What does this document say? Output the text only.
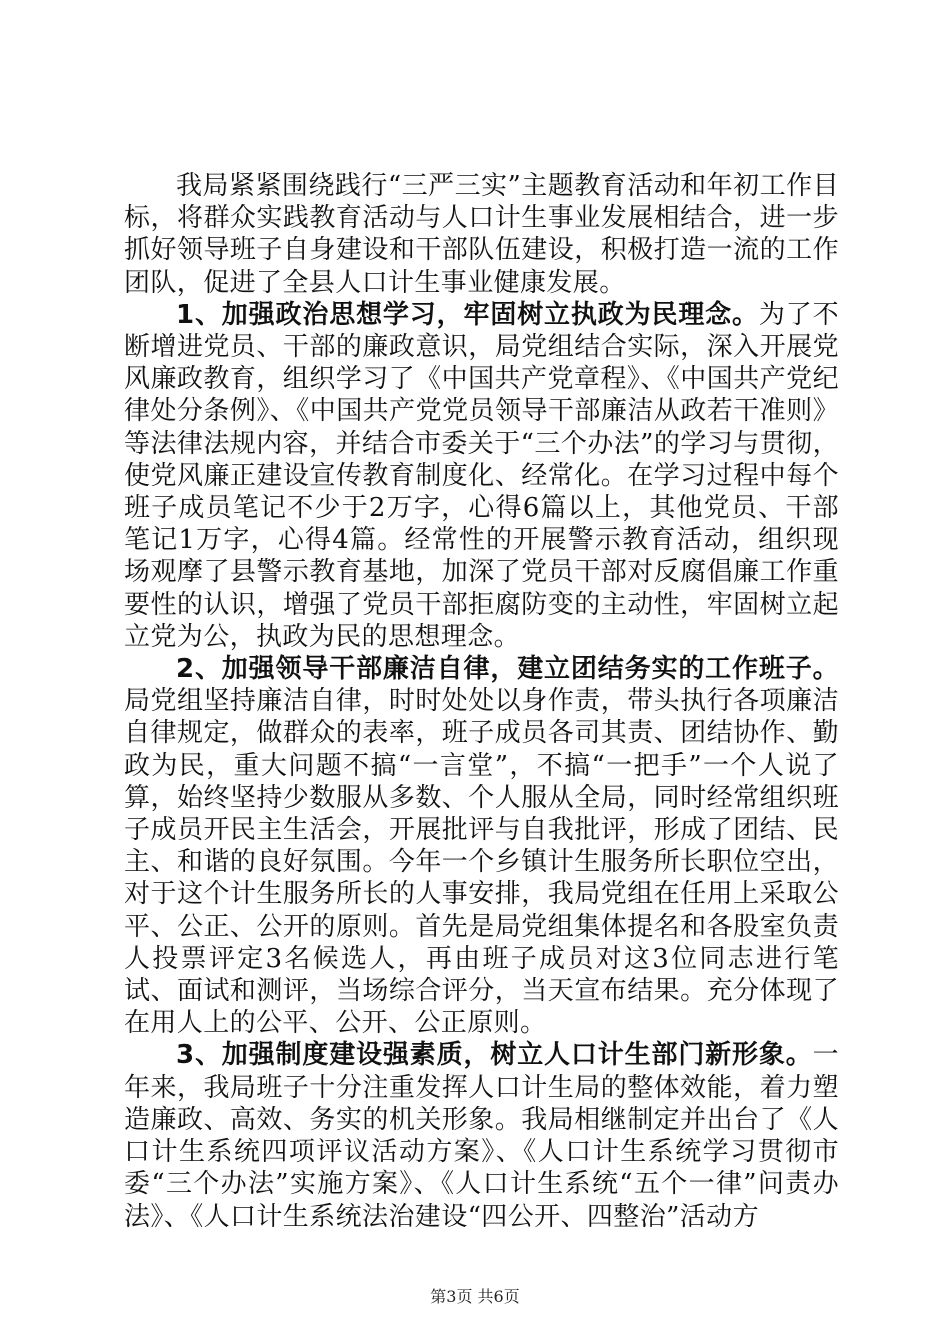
我局紧紧围绕践行“三严三实”主题教育活动和年初工作目标，将群众实践教育活动与人口计生事业发展相结合，进一步抓好领导班子自身建设和干部队伍建设，积极打造一流的工作团队，促进了全县人口计生事业健康发展。

1、加强政治思想学习，牢固树立执政为民理念。为了不断增进党员、干部的廉政意识，局党组结合实际，深入开展党风廉政教育，组织学习了《中国共产党章程》、《中国共产党纪律处分条例》、《中国共产党党员领导干部廉洁从政若干准则》等法律法规内容，并结合市委关于“三个办法”的学习与贯彻，使党风廉正建设宣传教育制度化、经常化。在学习过程中每个班子成员笔记不少于2万字，心得6篇以上，其他党员、干部笔记1万字，心得4篇。经常性的开展警示教育活动，组织现场观摩了县警示教育基地，加深了党员干部对反腐倡廉工作重要性的认识，增强了党员干部拒腐防变的主动性，牢固树立起立党为公，执政为民的思想理念。

2、加强领导干部廉洁自律，建立团结务实的工作班子。局党组坚持廉洁自律，时时处处以身作责，带头执行各项廉洁自律规定，做群众的表率，班子成员各司其责、团结协作、勤政为民，重大问题不搞“一言堂”，不搞“一把手”一个人说了算，始终坚持少数服从多数、个人服从全局，同时经常组织班子成员开民主生活会，开展批评与自我批评，形成了团结、民主、和谐的良好氛围。今年一个乡镇计生服务所长职位空出，对于这个计生服务所长的人事安排，我局党组在任用上采取公平、公正、公开的原则。首先是局党组集体提名和各股室负责人投票评定3名候选人，再由班子成员对这3位同志进行笔试、面试和测评，当场综合评分，当天宣布结果。充分体现了在用人上的公平、公开、公正原则。

3、加强制度建设强素质，树立人口计生部门新形象。一年来，我局班子十分注重发挥人口计生局的整体效能，着力塑造廉政、高效、务实的机关形象。我局相继制定并出台了《人口计生系统四项评议活动方案》、《人口计生系统学习贯彻市委“三个办法”实施方案》、《人口计生系统“五个一律”问责办法》、《人口计生系统法治建设“四公开、四整治”活动方

第3页 共6页
